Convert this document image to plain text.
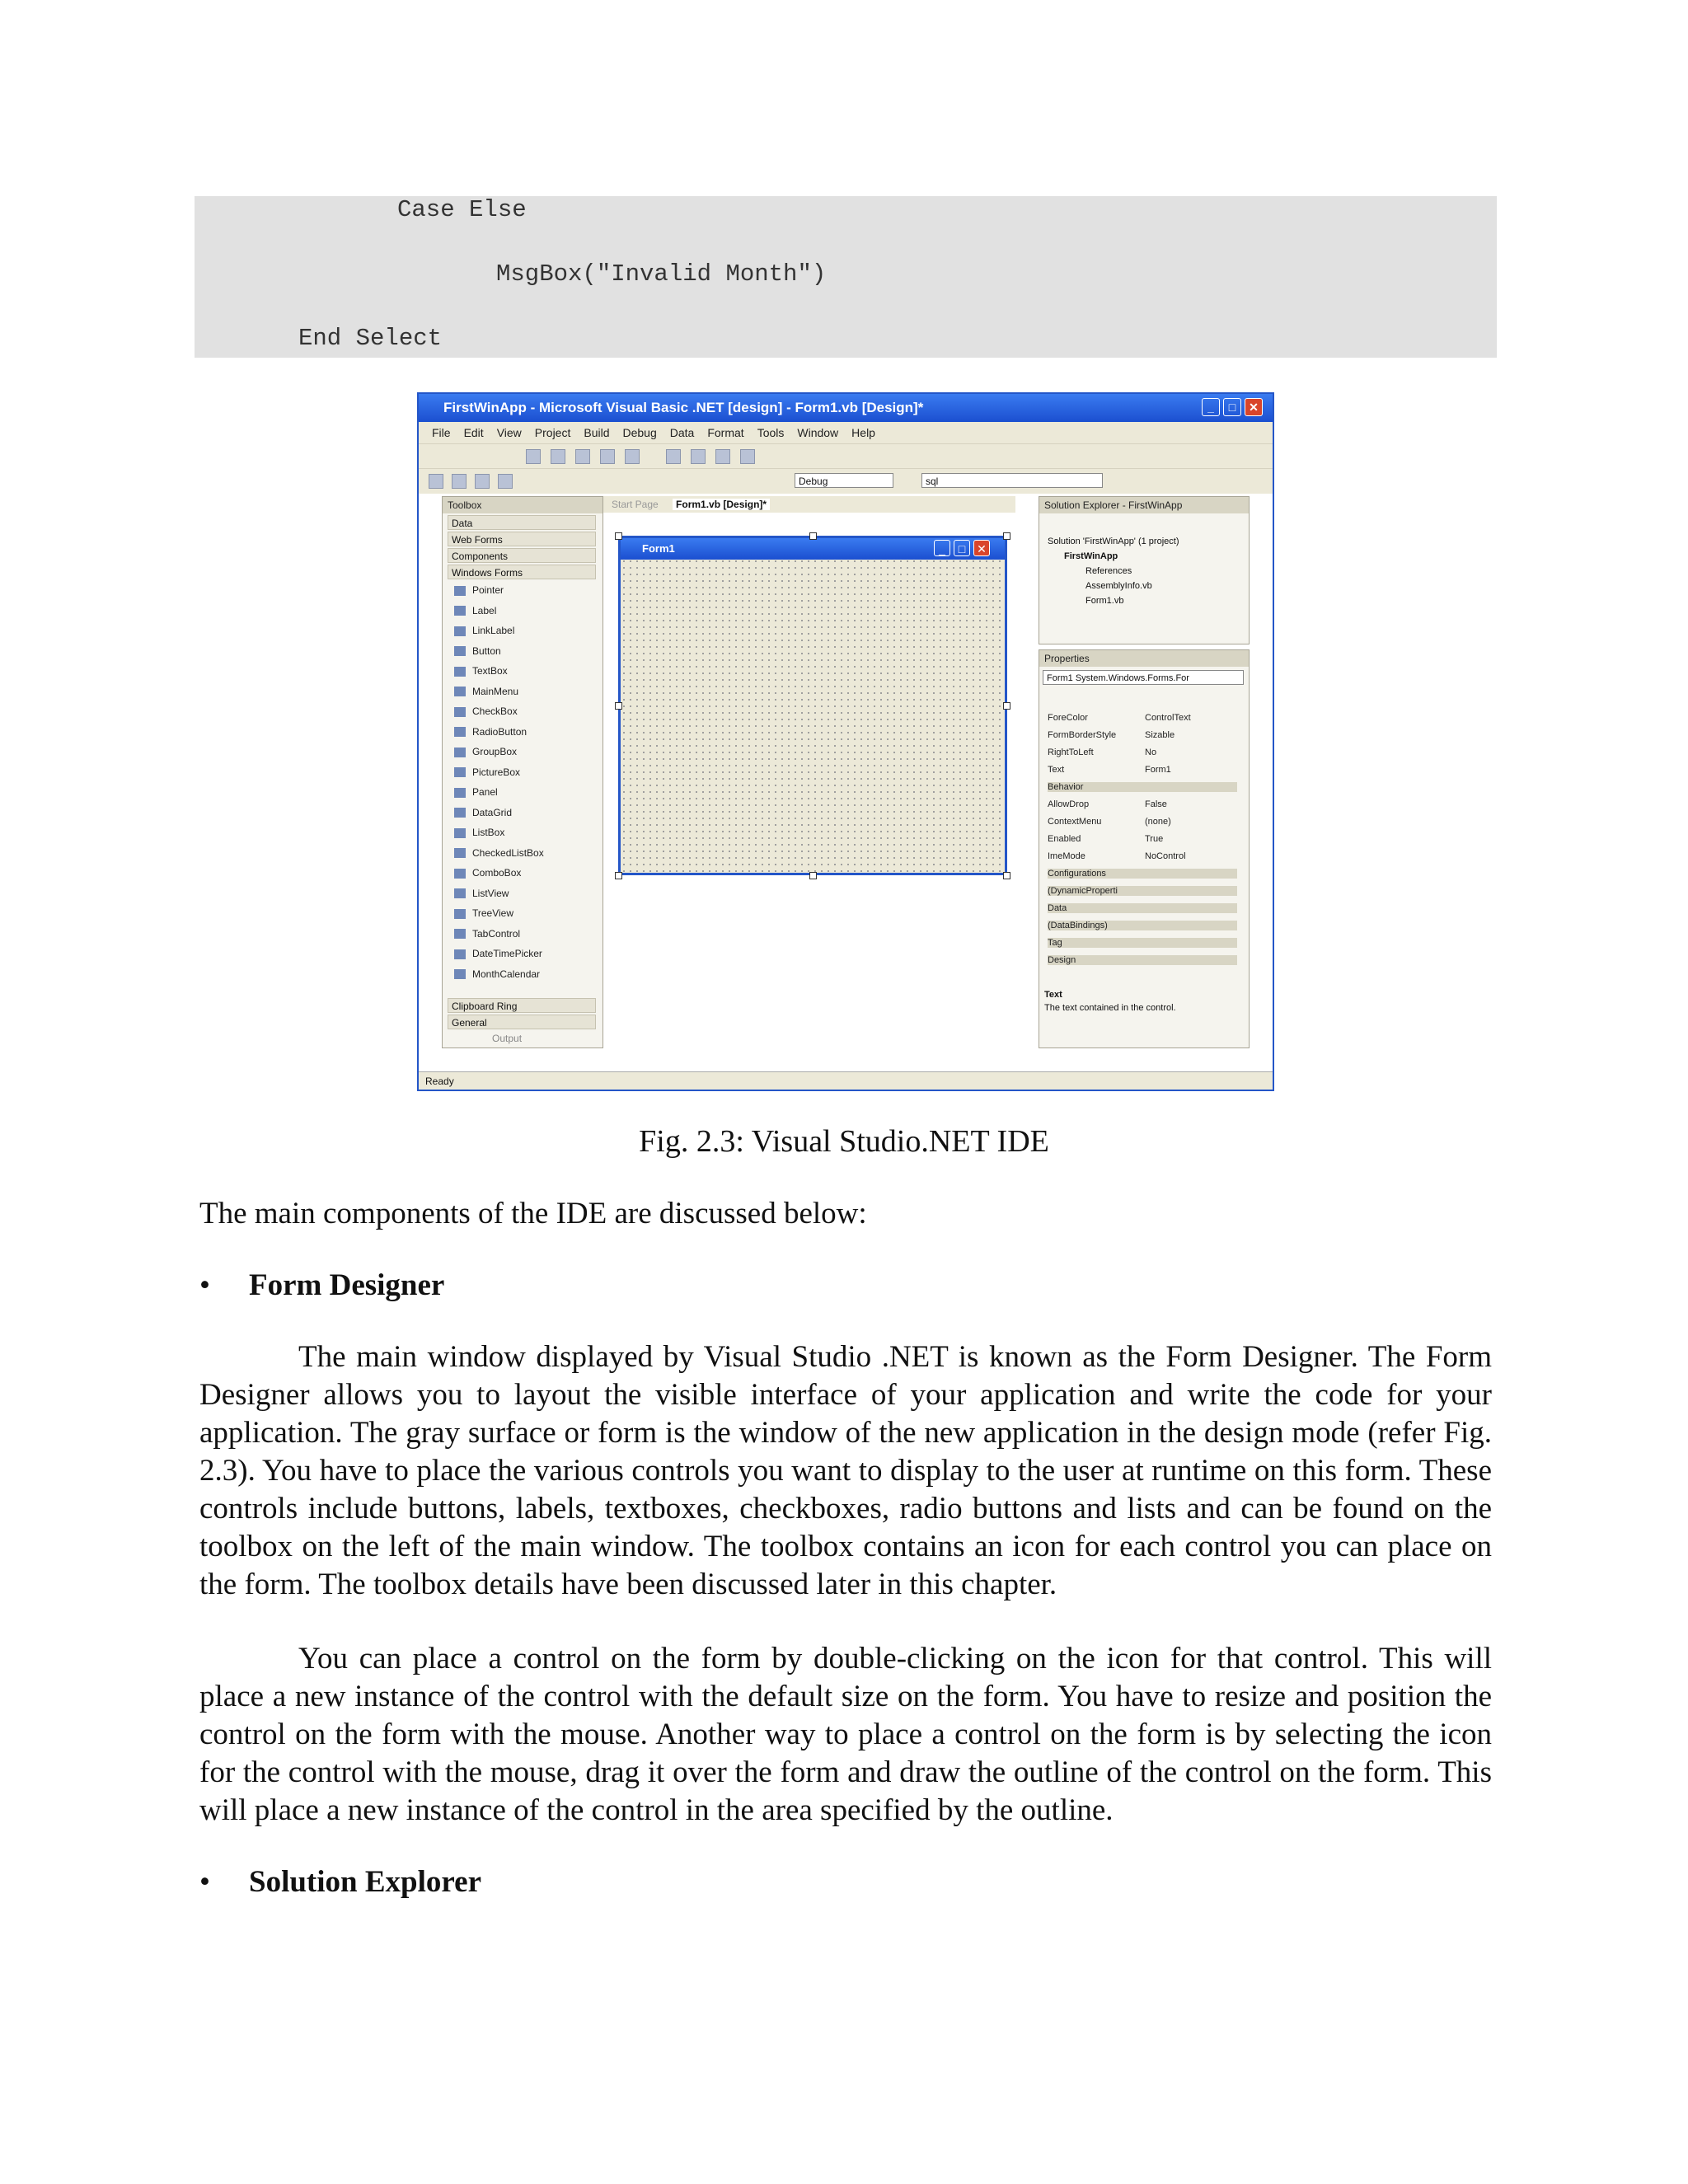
Case Else
MsgBox("Invalid Month")
End Select
FirstWinApp - Microsoft Visual Basic .NET [design] - Form1.vb [Design]*	_	□	✕
File Edit View Project Build Debug Data Format Tools Window Help
Debug	sql
Toolbox
Data
Web Forms
Components
Windows Forms
Pointer
Label
LinkLabel
Button
TextBox
MainMenu
CheckBox
RadioButton
GroupBox
PictureBox
Panel
DataGrid
ListBox
CheckedListBox
ComboBox
ListView
TreeView
TabControl
DateTimePicker
MonthCalendar
Clipboard Ring
General
Output
Start Page Form1.vb [Design]*
Form1	_	□ ✕
Solution Explorer - FirstWinApp
Solution 'FirstWinApp' (1 project)
FirstWinApp
References
AssemblyInfo.vb
Form1.vb
Properties
Form1 System.Windows.Forms.For
ForeColor	ControlText
FormBorderStyle	Sizable
RightToLeft	No
Text	Form1
Behavior
AllowDrop	False
ContextMenu	(none)
Enabled	True
ImeMode	NoControl
Configurations
(DynamicProperti
Data
(DataBindings)
Tag
Design
Text
The text contained in the control.
Ready
Fig. 2.3: Visual Studio.NET IDE
The main components of the IDE are discussed below:
• Form Designer
The main window displayed by Visual Studio .NET is known as the Form Designer. The Form Designer allows you to layout the visible interface of your application and write the code for your application. The gray surface or form is the window of the new application in the design mode (refer Fig. 2.3). You have to place the various controls you want to display to the user at runtime on this form. These controls include buttons, labels, textboxes, checkboxes, radio buttons and lists and can be found on the toolbox on the left of the main window. The toolbox contains an icon for each control you can place on the form. The toolbox details have been discussed later in this chapter.
You can place a control on the form by double-clicking on the icon for that control. This will place a new instance of the control with the default size on the form. You have to resize and position the control on the form with the mouse. Another way to place a control on the form is by selecting the icon for the control with the mouse, drag it over the form and draw the outline of the control on the form. This will place a new instance of the control in the area specified by the outline.
• Solution Explorer
